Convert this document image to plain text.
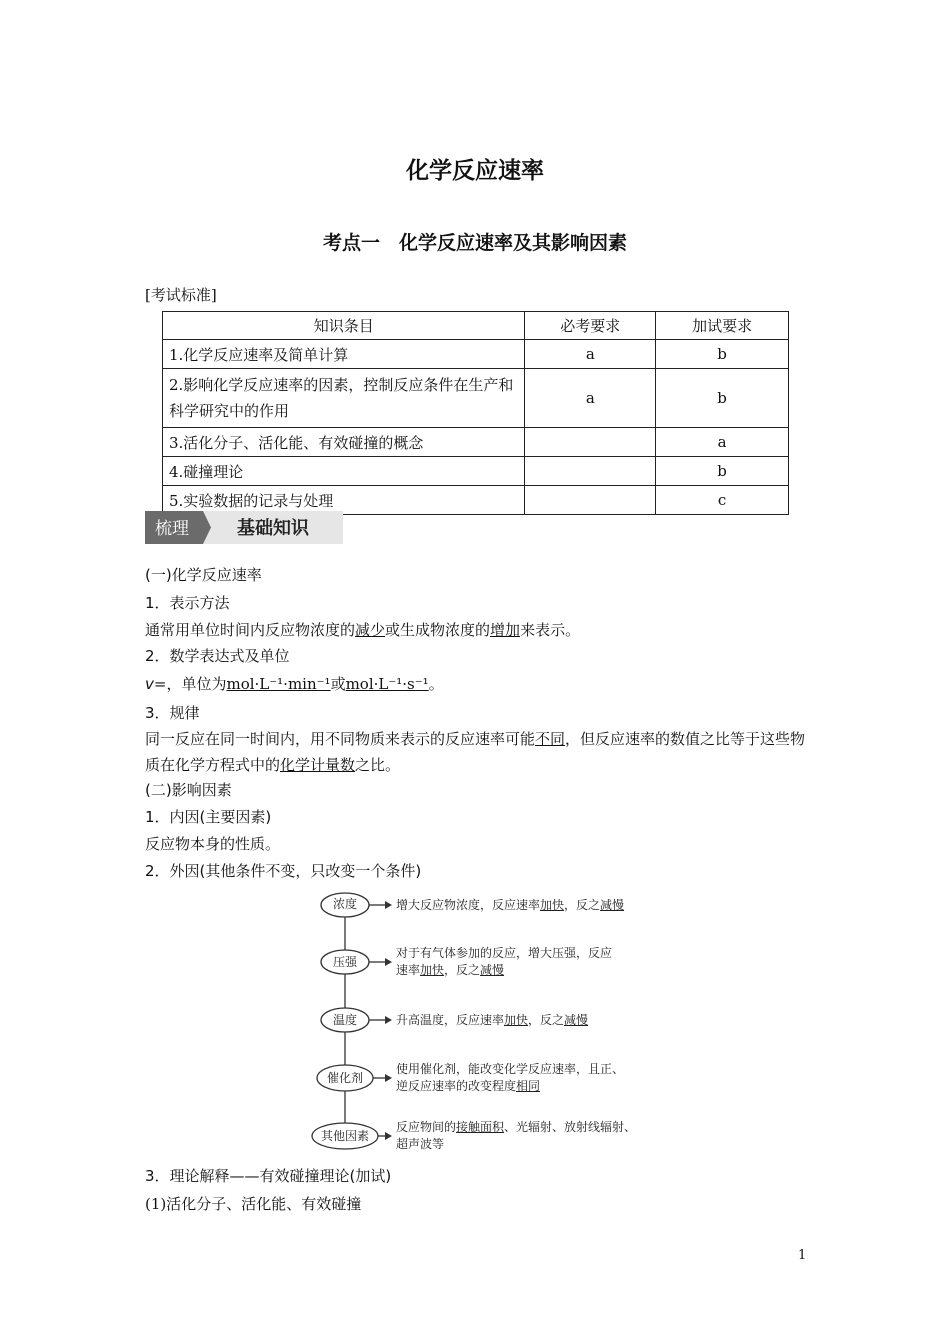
化学反应速率
考点一　化学反应速率及其影响因素
[考试标准]
知识条目	必考要求	加试要求
1.化学反应速率及简单计算	a	b
2.影响化学反应速率的因素，控制反应条件在生产和科学研究中的作用	a	b
3.活化分子、活化能、有效碰撞的概念		a
4.碰撞理论		b
5.实验数据的记录与处理		c
梳理	基础知识
(一)化学反应速率
1．表示方法
通常用单位时间内反应物浓度的减少或生成物浓度的增加来表示。
2．数学表达式及单位
v=，单位为mol·L⁻¹·min⁻¹或mol·L⁻¹·s⁻¹。
3．规律
同一反应在同一时间内，用不同物质来表示的反应速率可能不同，但反应速率的数值之比等于这些物质在化学方程式中的化学计量数之比。
(二)影响因素
1．内因(主要因素)
反应物本身的性质。
2．外因(其他条件不变，只改变一个条件)
浓度
压强
温度
催化剂
其他因素
增大反应物浓度，反应速率加快，反之减慢
对于有气体参加的反应，增大压强，反应
速率加快，反之减慢
升高温度，反应速率加快，反之减慢
使用催化剂，能改变化学反应速率，且正、
逆反应速率的改变程度相同
反应物间的接触面积、光辐射、放射线辐射、
超声波等
3．理论解释——有效碰撞理论(加试)
(1)活化分子、活化能、有效碰撞
1
